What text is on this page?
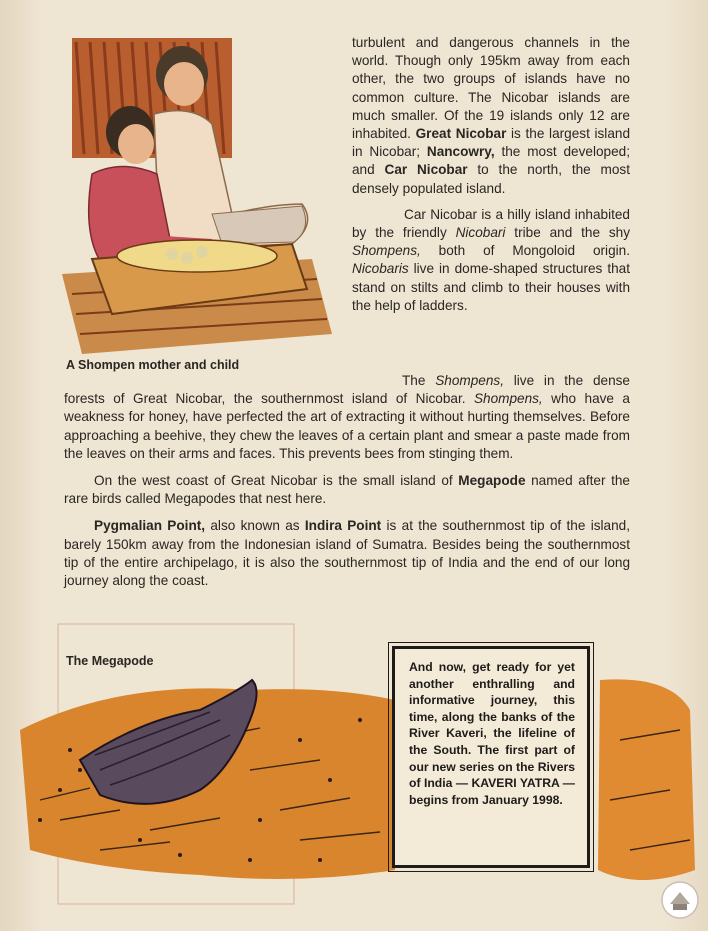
A Shompen mother and child

turbulent and dangerous channels in the world. Though only 195km away from each other, the two groups of islands have no common culture. The Nicobar islands are much smaller. Of the 19 islands only 12 are inhabited. Great Nicobar is the largest island in Nicobar; Nancowry, the most developed; and Car Nicobar to the north, the most densely populated island.

Car Nicobar is a hilly island inhabited by the friendly Nicobari tribe and the shy Shompens, both of Mongoloid origin. Nicobaris live in dome-shaped structures that stand on stilts and climb to their houses with the help of ladders.

The Shompens, live in the dense forests of Great Nicobar, the southernmost island of Nicobar. Shompens, who have a weakness for honey, have perfected the art of extracting it without hurting themselves. Before approaching a beehive, they chew the leaves of a certain plant and smear a paste made from the leaves on their arms and faces. This prevents bees from stinging them.

On the west coast of Great Nicobar is the small island of Megapode named after the rare birds called Megapodes that nest here.

Pygmalian Point, also known as Indira Point is at the southernmost tip of the island, barely 150km away from the Indonesian island of Sumatra. Besides being the southernmost tip of the entire archipelago, it is also the southernmost tip of India and the end of our long journey along the coast.

The Megapode	And now, get ready for yet another enthralling and informative journey, this time, along the banks of the River Kaveri, the lifeline of the South. The first part of our new series on the Rivers of India — KAVERI YATRA — begins from January 1998.
